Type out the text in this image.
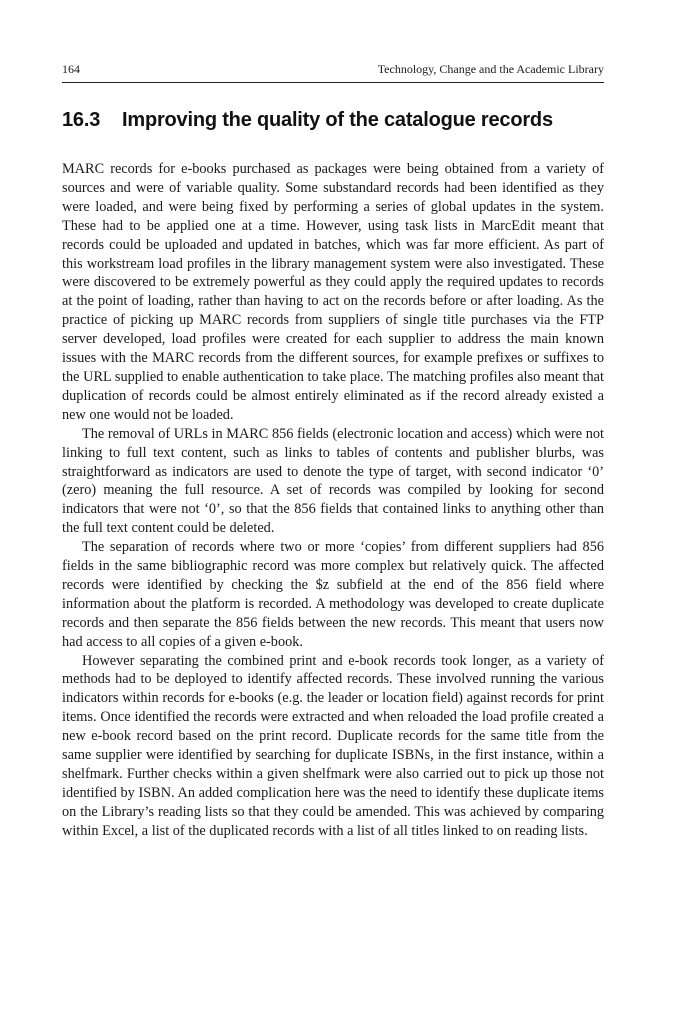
164	Technology, Change and the Academic Library
16.3 Improving the quality of the catalogue records

MARC records for e-books purchased as packages were being obtained from a variety of sources and were of variable quality. Some substandard records had been identified as they were loaded, and were being fixed by performing a series of global updates in the system. These had to be applied one at a time. However, using task lists in MarcEdit meant that records could be uploaded and updated in batches, which was far more efficient. As part of this workstream load profiles in the library management system were also investigated. These were discovered to be extremely powerful as they could apply the required updates to records at the point of loading, rather than having to act on the records before or after loading. As the practice of picking up MARC records from suppliers of single title purchases via the FTP server developed, load profiles were created for each supplier to address the main known issues with the MARC records from the different sources, for example prefixes or suffixes to the URL supplied to enable authentication to take place. The matching profiles also meant that duplication of records could be almost entirely eliminated as if the record already existed a new one would not be loaded.

The removal of URLs in MARC 856 fields (electronic location and access) which were not linking to full text content, such as links to tables of contents and publisher blurbs, was straightforward as indicators are used to denote the type of target, with second indicator ‘0’ (zero) meaning the full resource. A set of records was compiled by looking for second indicators that were not ‘0’, so that the 856 fields that contained links to anything other than the full text content could be deleted.

The separation of records where two or more ‘copies’ from different suppliers had 856 fields in the same bibliographic record was more complex but relatively quick. The affected records were identified by checking the $z subfield at the end of the 856 field where information about the platform is recorded. A methodology was developed to create duplicate records and then separate the 856 fields between the new records. This meant that users now had access to all copies of a given e-book.

However separating the combined print and e-book records took longer, as a variety of methods had to be deployed to identify affected records. These involved running the various indicators within records for e-books (e.g. the leader or location field) against records for print items. Once identified the records were extracted and when reloaded the load profile created a new e-book record based on the print record. Duplicate records for the same title from the same supplier were identified by searching for duplicate ISBNs, in the first instance, within a shelfmark. Further checks within a given shelfmark were also carried out to pick up those not identified by ISBN. An added complication here was the need to identify these duplicate items on the Library’s reading lists so that they could be amended. This was achieved by comparing within Excel, a list of the duplicated records with a list of all titles linked to on reading lists.
